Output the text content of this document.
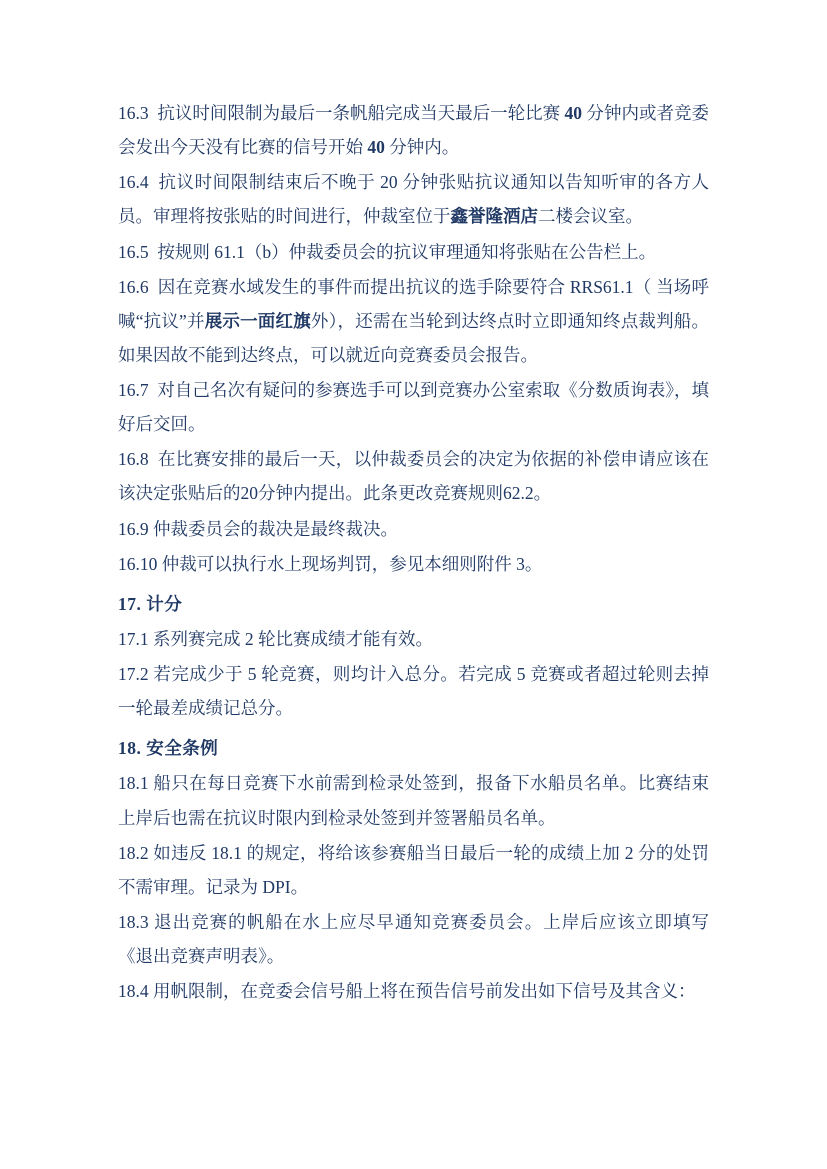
16.3  抗议时间限制为最后一条帆船完成当天最后一轮比赛 40 分钟内或者竞委会发出今天没有比赛的信号开始 40 分钟内。

16.4  抗议时间限制结束后不晚于 20 分钟张贴抗议通知以告知听审的各方人员。审理将按张贴的时间进行，仲裁室位于鑫誉隆酒店二楼会议室。

16.5  按规则 61.1（b）仲裁委员会的抗议审理通知将张贴在公告栏上。

16.6  因在竞赛水域发生的事件而提出抗议的选手除要符合 RRS61.1（ 当场呼喊“抗议”并展示一面红旗外），还需在当轮到达终点时立即通知终点裁判船。如果因故不能到达终点，可以就近向竞赛委员会报告。

16.7  对自己名次有疑问的参赛选手可以到竞赛办公室索取《分数质询表》，填好后交回。

16.8  在比赛安排的最后一天，以仲裁委员会的决定为依据的补偿申请应该在该决定张贴后的20分钟内提出。此条更改竞赛规则62.2。

16.9 仲裁委员会的裁决是最终裁决。

16.10 仲裁可以执行水上现场判罚，参见本细则附件 3。

17. 计分

17.1 系列赛完成 2 轮比赛成绩才能有效。

17.2 若完成少于 5 轮竞赛，则均计入总分。若完成 5 竞赛或者超过轮则去掉一轮最差成绩记总分。

18. 安全条例

18.1 船只在每日竞赛下水前需到检录处签到，报备下水船员名单。比赛结束上岸后也需在抗议时限内到检录处签到并签署船员名单。

18.2 如违反 18.1 的规定，将给该参赛船当日最后一轮的成绩上加 2 分的处罚不需审理。记录为 DPI。

18.3 退出竞赛的帆船在水上应尽早通知竞赛委员会。上岸后应该立即填写《退出竞赛声明表》。

18.4 用帆限制，在竞委会信号船上将在预告信号前发出如下信号及其含义：
